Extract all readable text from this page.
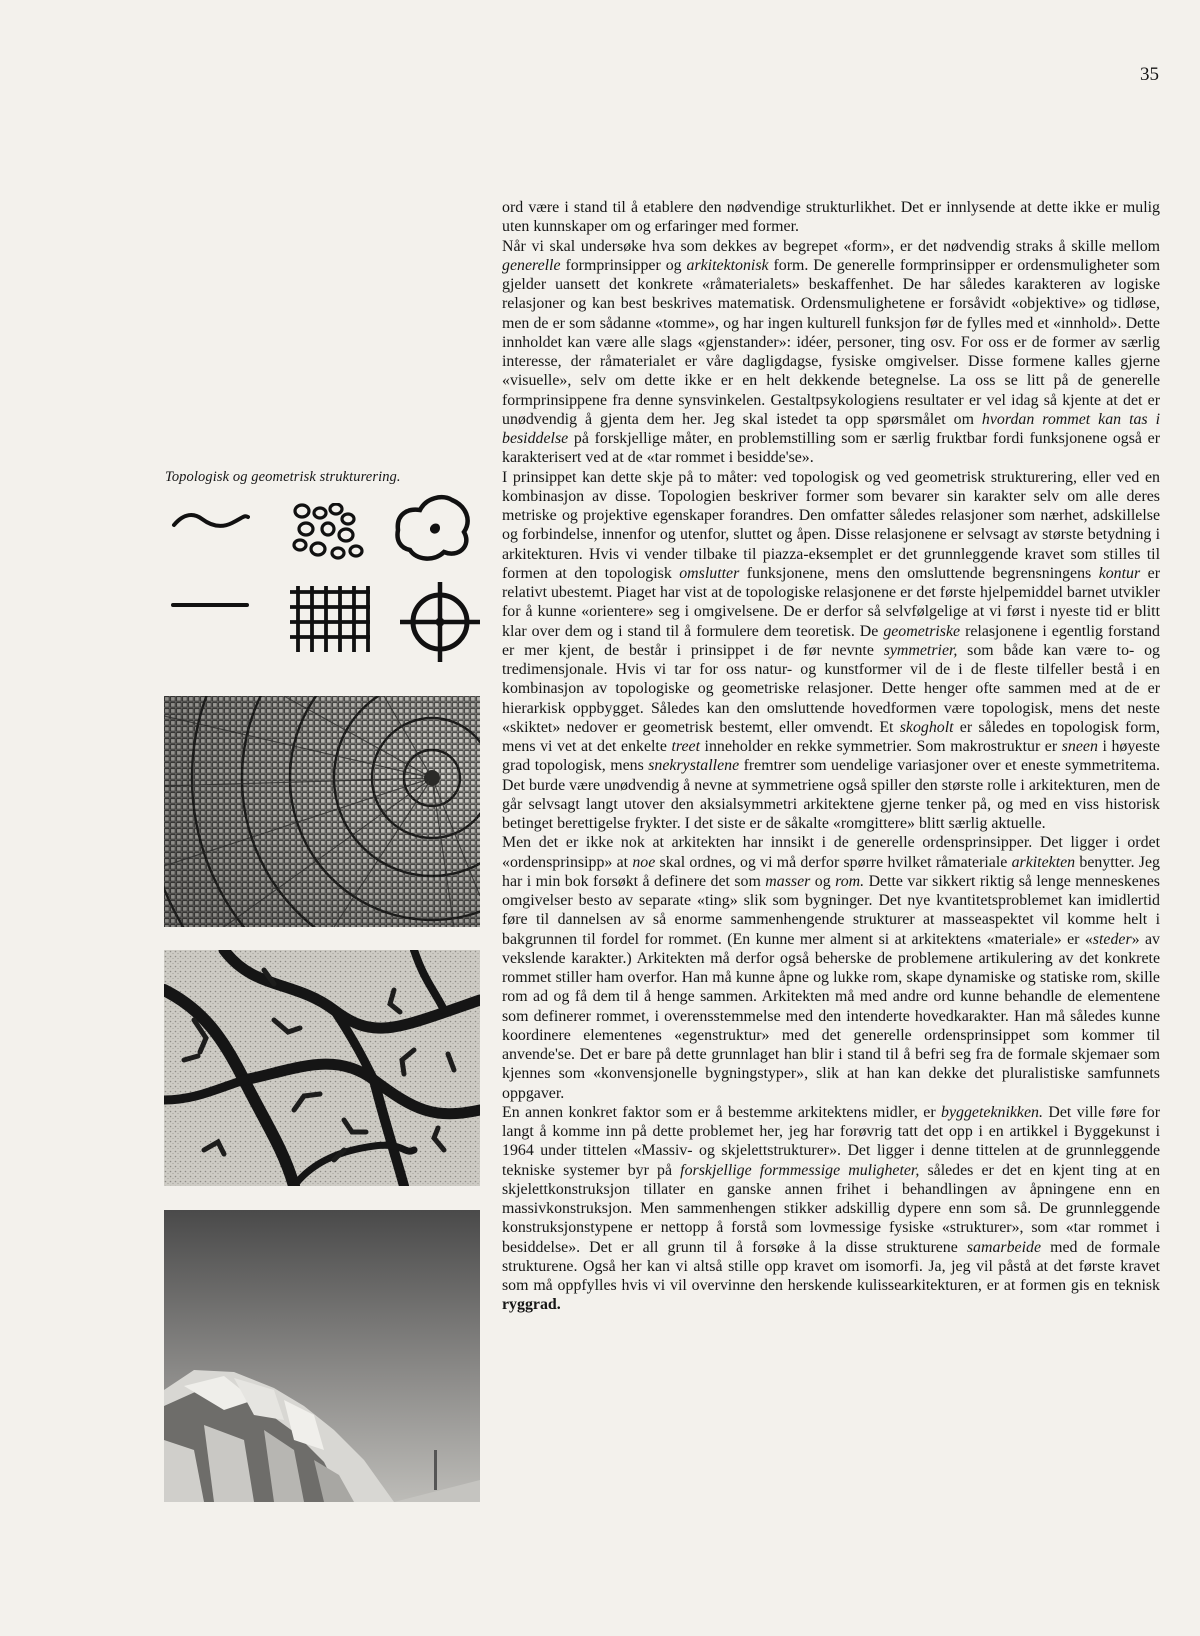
35
Topologisk og geometrisk strukturering.

ord være i stand til å etablere den nødvendige strukturlikhet. Det er innlysende at dette ikke er mulig uten kunnskaper om og erfaringer med former.

Når vi skal undersøke hva som dekkes av begrepet «form», er det nødvendig straks å skille mellom generelle formprinsipper og arkitektonisk form. De generelle formprinsipper er ordensmuligheter som gjelder uansett det konkrete «råmaterialets» beskaffenhet. De har således karakteren av logiske relasjoner og kan best beskrives matematisk. Ordensmulighetene er forsåvidt «objektive» og tidløse, men de er som sådanne «tomme», og har ingen kulturell funksjon før de fylles med et «innhold». Dette innholdet kan være alle slags «gjenstander»: idéer, personer, ting osv. For oss er de former av særlig interesse, der råmaterialet er våre dagligdagse, fysiske omgivelser. Disse formene kalles gjerne «visuelle», selv om dette ikke er en helt dekkende betegnelse. La oss se litt på de generelle formprinsippene fra denne synsvinkelen. Gestaltpsykologiens resultater er vel idag så kjente at det er unødvendig å gjenta dem her. Jeg skal istedet ta opp spørsmålet om hvordan rommet kan tas i besiddelse på forskjellige måter, en problemstilling som er særlig fruktbar fordi funksjonene også er karakterisert ved at de «tar rommet i besidde'se».

I prinsippet kan dette skje på to måter: ved topologisk og ved geometrisk strukturering, eller ved en kombinasjon av disse. Topologien beskriver former som bevarer sin karakter selv om alle deres metriske og projektive egenskaper forandres. Den omfatter således relasjoner som nærhet, adskillelse og forbindelse, innenfor og utenfor, sluttet og åpen. Disse relasjonene er selvsagt av største betydning i arkitekturen. Hvis vi vender tilbake til piazza-eksemplet er det grunnleggende kravet som stilles til formen at den topologisk omslutter funksjonene, mens den omsluttende begrensningens kontur er relativt ubestemt. Piaget har vist at de topologiske relasjonene er det første hjelpemiddel barnet utvikler for å kunne «orientere» seg i omgivelsene. De er derfor så selvfølgelige at vi først i nyeste tid er blitt klar over dem og i stand til å formulere dem teoretisk. De geometriske relasjonene i egentlig forstand er mer kjent, de består i prinsippet i de før nevnte symmetrier, som både kan være to- og tredimensjonale. Hvis vi tar for oss natur- og kunstformer vil de i de fleste tilfeller bestå i en kombinasjon av topologiske og geometriske relasjoner. Dette henger ofte sammen med at de er hierarkisk oppbygget. Således kan den omsluttende hovedformen være topologisk, mens det neste «skiktet» nedover er geometrisk bestemt, eller omvendt. Et skogholt er således en topologisk form, mens vi vet at det enkelte treet inneholder en rekke symmetrier. Som makrostruktur er sneen i høyeste grad topologisk, mens snekrystallene fremtrer som uendelige variasjoner over et eneste symmetritema. Det burde være unødvendig å nevne at symmetriene også spiller den største rolle i arkitekturen, men de går selvsagt langt utover den aksialsymmetri arkitektene gjerne tenker på, og med en viss historisk betinget berettigelse frykter. I det siste er de såkalte «romgittere» blitt særlig aktuelle.

Men det er ikke nok at arkitekten har innsikt i de generelle ordensprinsipper. Det ligger i ordet «ordensprinsipp» at noe skal ordnes, og vi må derfor spørre hvilket råmateriale arkitekten benytter. Jeg har i min bok forsøkt å definere det som masser og rom. Dette var sikkert riktig så lenge menneskenes omgivelser besto av separate «ting» slik som bygninger. Det nye kvantitetsproblemet kan imidlertid føre til dannelsen av så enorme sammenhengende strukturer at masseaspektet vil komme helt i bakgrunnen til fordel for rommet. (En kunne mer alment si at arkitektens «materiale» er «steder» av vekslende karakter.) Arkitekten må derfor også beherske de problemene artikulering av det konkrete rommet stiller ham overfor. Han må kunne åpne og lukke rom, skape dynamiske og statiske rom, skille rom ad og få dem til å henge sammen. Arkitekten må med andre ord kunne behandle de elementene som definerer rommet, i overensstemmelse med den intenderte hovedkarakter. Han må således kunne koordinere elementenes «egenstruktur» med det generelle ordensprinsippet som kommer til anvende'se. Det er bare på dette grunnlaget han blir i stand til å befri seg fra de formale skjemaer som kjennes som «konvensjonelle bygningstyper», slik at han kan dekke det pluralistiske samfunnets oppgaver.

En annen konkret faktor som er å bestemme arkitektens midler, er byggeteknikken. Det ville føre for langt å komme inn på dette problemet her, jeg har forøvrig tatt det opp i en artikkel i Byggekunst i 1964 under tittelen «Massiv- og skjelettstrukturer». Det ligger i denne tittelen at de grunnleggende tekniske systemer byr på forskjellige formmessige muligheter, således er det en kjent ting at en skjelettkonstruksjon tillater en ganske annen frihet i behandlingen av åpningene enn en massivkonstruksjon. Men sammenhengen stikker adskillig dypere enn som så. De grunnleggende konstruksjonstypene er nettopp å forstå som lovmessige fysiske «strukturer», som «tar rommet i besiddelse». Det er all grunn til å forsøke å la disse strukturene samarbeide med de formale strukturene. Også her kan vi altså stille opp kravet om isomorfi. Ja, jeg vil påstå at det første kravet som må oppfylles hvis vi vil overvinne den herskende kulissearkitekturen, er at formen gis en teknisk ryggrad.
